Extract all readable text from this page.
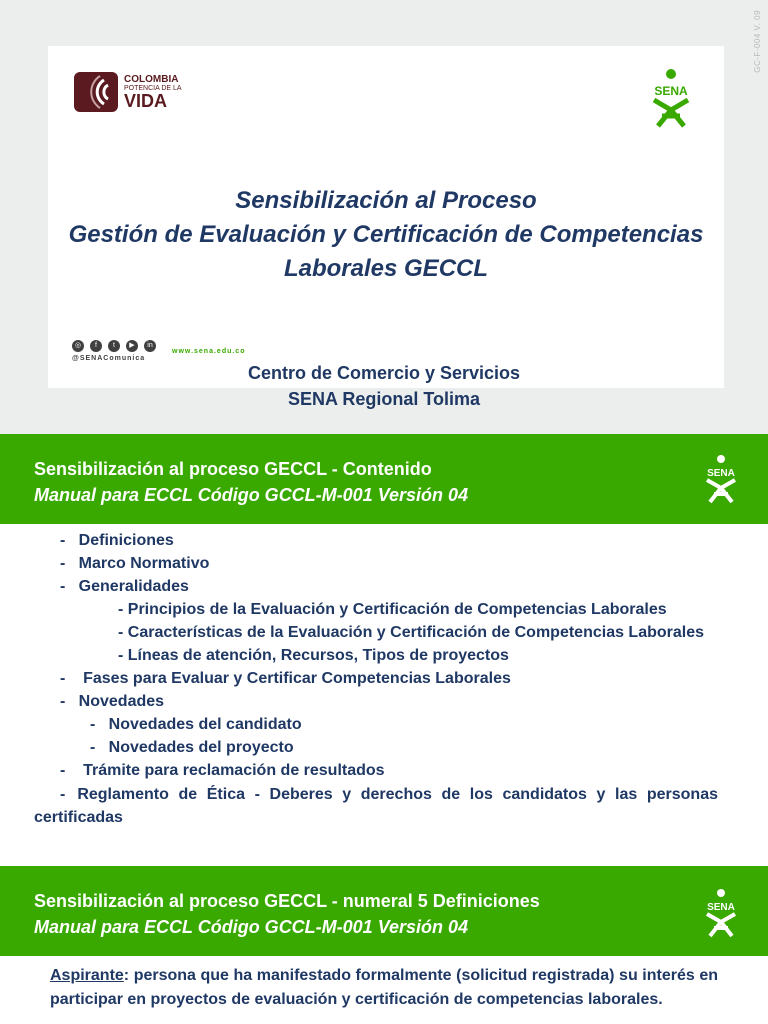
GC-F-004 V. 09
COLOMBIA
POTENCIA DE LA
VIDA	SENA
Sensibilización al Proceso
Gestión de Evaluación y Certificación de Competencias
Laborales GECCL
◎	f	t	▶	in
@SENAComunica
www.sena.edu.co
Centro de Comercio y Servicios
SENA Regional Tolima
Sensibilización al proceso GECCL - Contenido
Manual para ECCL Código GCCL-M-001 Versión 04
SENA
- Definiciones
- Marco Normativo
- Generalidades
- Principios de la Evaluación y Certificación de Competencias Laborales
- Características de la Evaluación y Certificación de Competencias Laborales
- Líneas de atención, Recursos, Tipos de proyectos
- Fases para Evaluar y Certificar Competencias Laborales
- Novedades
- Novedades del candidato
- Novedades del proyecto
- Trámite para reclamación de resultados
- Reglamento de Ética - Deberes y derechos de los candidatos y las personas
certificadas
Sensibilización al proceso GECCL - numeral 5 Definiciones
Manual para ECCL Código GCCL-M-001 Versión 04
SENA
Aspirante: persona que ha manifestado formalmente (solicitud registrada) su interés en participar en proyectos de evaluación y certificación de competencias laborales.
